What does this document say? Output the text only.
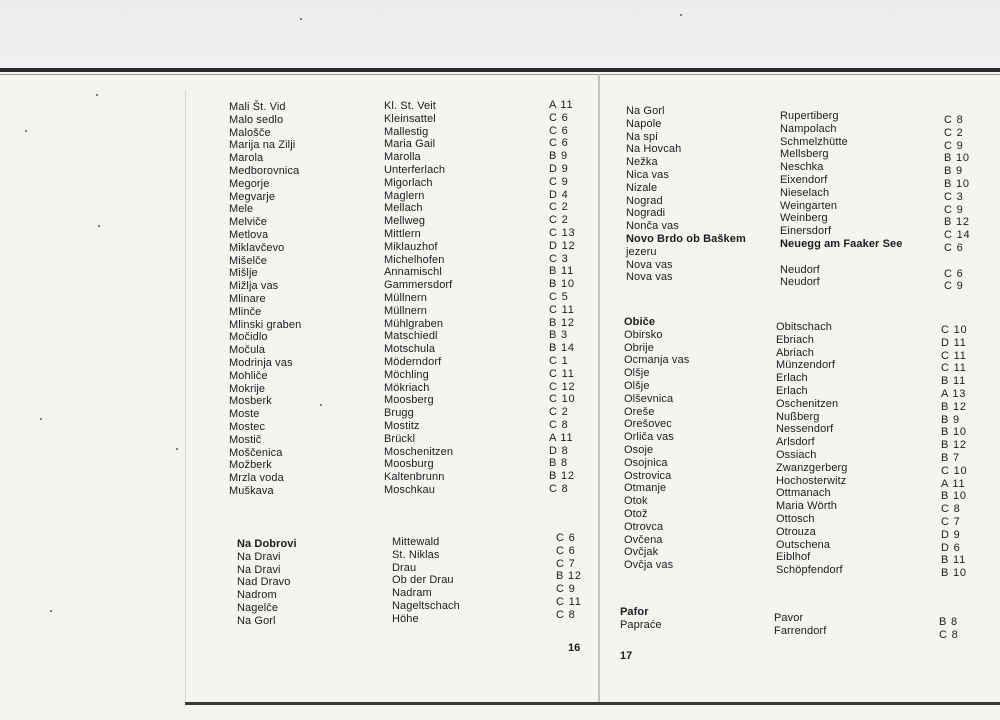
Mali Št. Vid
Malo sedlo
Malošče
Marija na Zilji
Marola
Medborovnica
Megorje
Megvarje
Mele
Melviče
Metlova
Miklavčevo
Mišelče
Mišlje
Mižlja vas
Mlinare
Mlinče
Mlinski graben
Močidlo
Močula
Modrinja vas
Mohliče
Mokrije
Mosberk
Moste
Mostec
Mostič
Moščenica
Možberk
Mrzla voda
Muškava
Kl. St. Veit
Kleinsattel
Mallestig
Maria Gail
Marolla
Unterferlach
Migorlach
Maglern
Mellach
Mellweg
Mittlern
Miklauzhof
Michelhofen
Annamischl
Gammersdorf
Müllnern
Müllnern
Mühlgraben
Matschiedl
Motschula
Möderndorf
Möchling
Mökriach
Moosberg
Brugg
Mostitz
Brückl
Moschenitzen
Moosburg
Kaltenbrunn
Moschkau
A 11
C 6
C 6
C 6
B 9
D 9
C 9
D 4
C 2
C 2
C 13
D 12
C 3
B 11
B 10
C 5
C 11
B 12
B 3
B 14
C 1
C 11
C 12
C 10
C 2
C 8
A 11
D 8
B 8
B 12
C 8
Na Dobrovi
Na Dravi
Na Dravi
Nad Dravo
Nadrom
Nagelče
Na Gorl
Mittewald
St. Niklas
Drau
Ob der Drau
Nadram
Nageltschach
Höhe
C 6
C 6
C 7
B 12
C 9
C 11
C 8
16
Na Gorl
Napole
Na spi
Na Hovcah
Nežka
Nica vas
Nizale
Nograd
Nogradi
Nonča vas
Novo Brdo ob Baškem
jezeru
Nova vas
Nova vas
Rupertiberg
Nampolach
Schmelzhütte
Mellsberg
Neschka
Eixendorf
Nieselach
Weingarten
Weinberg
Einersdorf
Neuegg am Faaker See
Neudorf
Neudorf
C 8
C 2
C 9
B 10
B 9
B 10
C 3
C 9
B 12
C 14
C 6
C 6
C 9
Običe
Obirsko
Obrije
Ocmanja vas
Olšje
Olšje
Olševnica
Oreše
Orešovec
Orliča vas
Osoje
Osojnica
Ostrovica
Otmanje
Otok
Otož
Otrovca
Ovčena
Ovčjak
Ovčja vas
Obitschach
Ebriach
Abriach
Münzendorf
Erlach
Erlach
Oschenitzen
Nußberg
Nessendorf
Arlsdorf
Ossiach
Zwanzgerberg
Hochosterwitz
Ottmanach
Maria Wörth
Ottosch
Otrouza
Outschena
Eiblhof
Schöpfendorf
C 10
D 11
C 11
C 11
B 11
A 13
B 12
B 9
B 10
B 12
B 7
C 10
A 11
B 10
C 8
C 7
D 9
D 6
B 11
B 10
Pafor
Papraće
Pavor
Farrendorf
B 8
C 8
17
